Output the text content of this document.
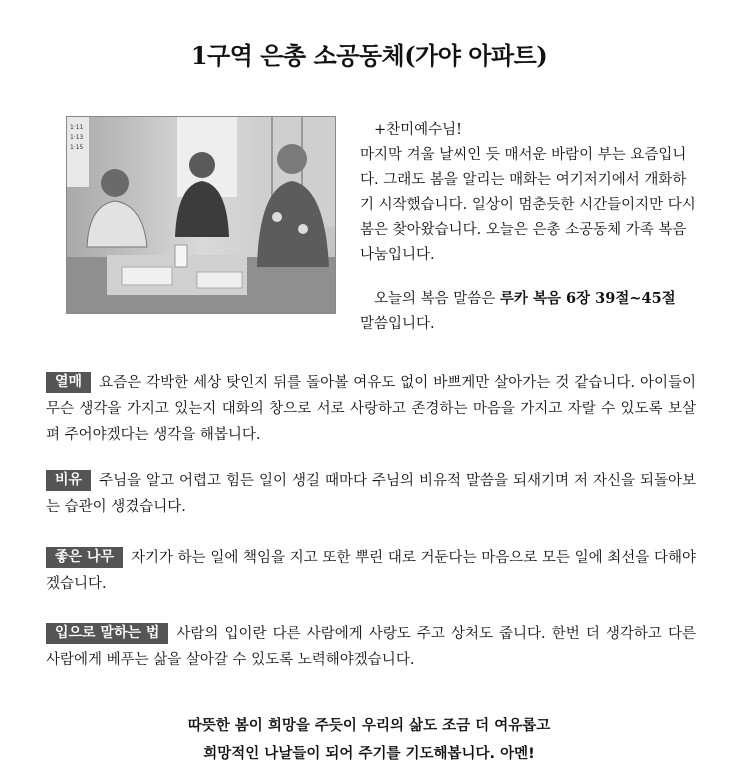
1구역 은총 소공동체(가야 아파트)
1·11
1·13
1·15

+찬미예수님!

마지막 겨울 날씨인 듯 매서운 바람이 부는 요즘입니다. 그래도 봄을 알리는 매화는 여기저기에서 개화하기 시작했습니다. 일상이 멈춘듯한 시간들이지만 다시 봄은 찾아왔습니다. 오늘은 은총 소공동체 가족 복음 나눔입니다.

오늘의 복음 말씀은 루카 복음 6장 39절~45절

말씀입니다.

열매 요즘은 각박한 세상 탓인지 뒤를 돌아볼 여유도 없이 바쁘게만 살아가는 것 같습니다. 아이들이 무슨 생각을 가지고 있는지 대화의 창으로 서로 사랑하고 존경하는 마음을 가지고 자랄 수 있도록 보살펴 주어야겠다는 생각을 해봅니다.
비유 주님을 알고 어렵고 힘든 일이 생길 때마다 주님의 비유적 말씀을 되새기며 저 자신을 되돌아보는 습관이 생겼습니다.
좋은 나무 자기가 하는 일에 책임을 지고 또한 뿌린 대로 거둔다는 마음으로 모든 일에 최선을 다해야겠습니다.
입으로 말하는 법 사람의 입이란 다른 사람에게 사랑도 주고 상처도 줍니다. 한번 더 생각하고 다른 사람에게 베푸는 삶을 살아갈 수 있도록 노력해야겠습니다.

따뜻한 봄이 희망을 주듯이 우리의 삶도 조금 더 여유롭고

희망적인 나날들이 되어 주기를 기도해봅니다. 아멘!
